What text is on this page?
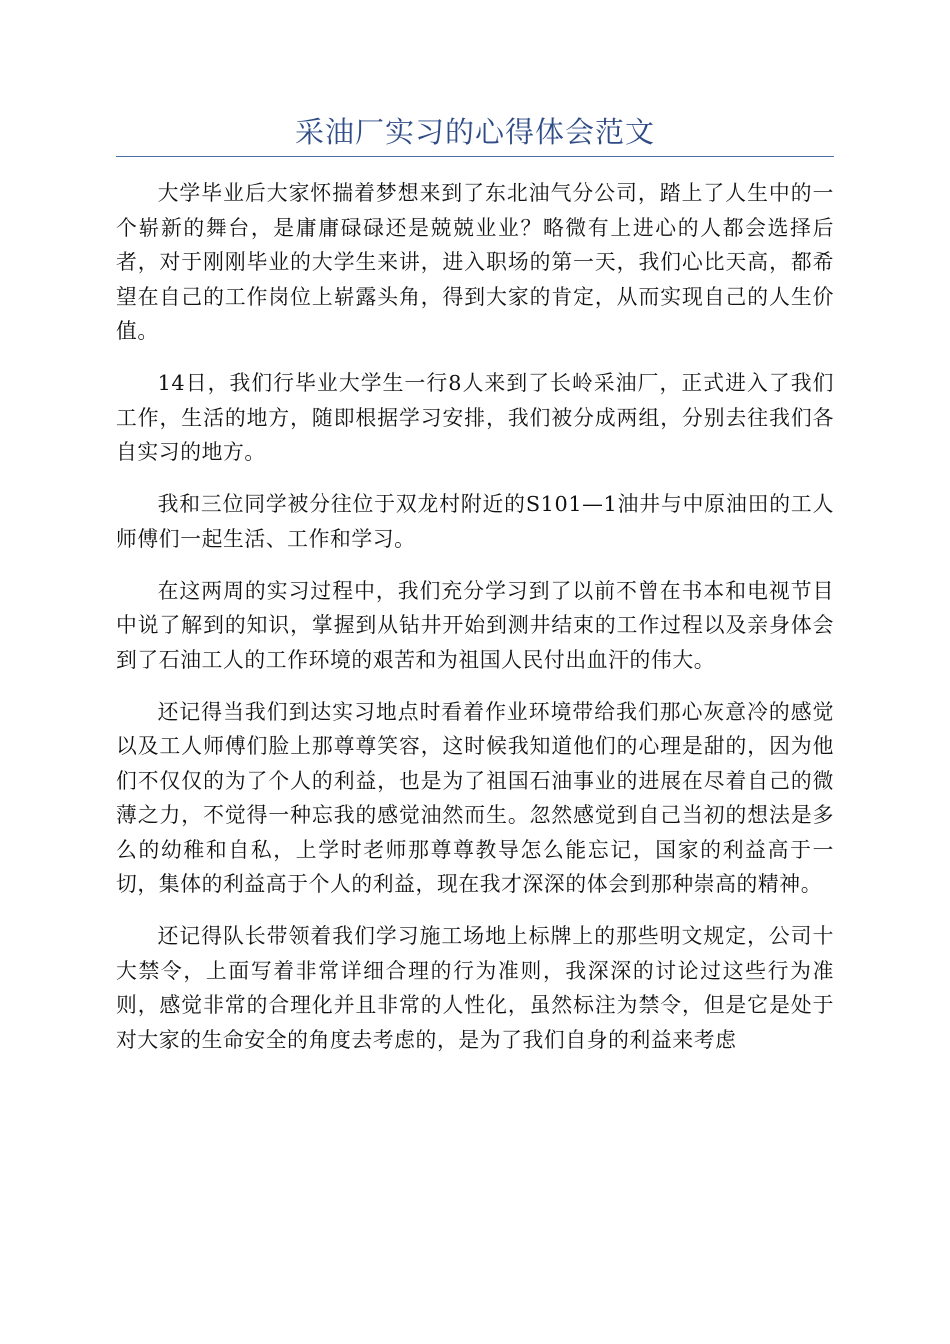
采油厂实习的心得体会范文

大学毕业后大家怀揣着梦想来到了东北油气分公司，踏上了人生中的一个崭新的舞台，是庸庸碌碌还是兢兢业业？略微有上进心的人都会选择后者，对于刚刚毕业的大学生来讲，进入职场的第一天，我们心比天高，都希望在自己的工作岗位上崭露头角，得到大家的肯定，从而实现自己的人生价值。

14日，我们行毕业大学生一行8人来到了长岭采油厂，正式进入了我们工作，生活的地方，随即根据学习安排，我们被分成两组，分别去往我们各自实习的地方。

我和三位同学被分往位于双龙村附近的S101—1油井与中原油田的工人师傅们一起生活、工作和学习。

在这两周的实习过程中，我们充分学习到了以前不曾在书本和电视节目中说了解到的知识，掌握到从钻井开始到测井结束的工作过程以及亲身体会到了石油工人的工作环境的艰苦和为祖国人民付出血汗的伟大。

还记得当我们到达实习地点时看着作业环境带给我们那心灰意冷的感觉以及工人师傅们脸上那尊尊笑容，这时候我知道他们的心理是甜的，因为他们不仅仅的为了个人的利益，也是为了祖国石油事业的进展在尽着自己的微薄之力，不觉得一种忘我的感觉油然而生。忽然感觉到自己当初的想法是多么的幼稚和自私，上学时老师那尊尊教导怎么能忘记，国家的利益高于一切，集体的利益高于个人的利益，现在我才深深的体会到那种崇高的精神。

还记得队长带领着我们学习施工场地上标牌上的那些明文规定，公司十大禁令，上面写着非常详细合理的行为准则，我深深的讨论过这些行为准则，感觉非常的合理化并且非常的人性化，虽然标注为禁令，但是它是处于对大家的生命安全的角度去考虑的，是为了我们自身的利益来考虑
